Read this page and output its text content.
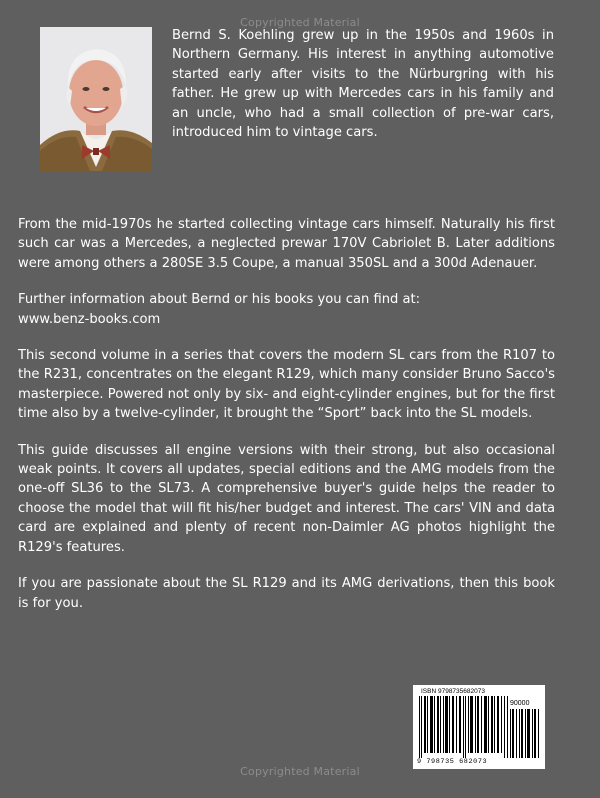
Copyrighted Material

Bernd S. Koehling grew up in the 1950s and 1960s in Northern Germany. His interest in anything automotive started early after visits to the Nürburgring with his father. He grew up with Mercedes cars in his family and an uncle, who had a small collection of pre-war cars, introduced him to vintage cars.

From the mid-1970s he started collecting vintage cars himself. Naturally his first such car was a Mercedes, a neglected prewar 170V Cabriolet B. Later additions were among others a 280SE 3.5 Coupe, a manual 350SL and a 300d Adenauer.

Further information about Bernd or his books you can find at:
www.benz-books.com

This second volume in a series that covers the modern SL cars from the R107 to the R231, concentrates on the elegant R129, which many consider Bruno Sacco's masterpiece. Powered not only by six- and eight-cylinder engines, but for the first time also by a twelve-cylinder, it brought the “Sport” back into the SL models.

This guide discusses all engine versions with their strong, but also occasional weak points. It covers all updates, special editions and the AMG models from the one-off SL36 to the SL73. A comprehensive buyer's guide helps the reader to choose the model that will fit his/her budget and interest. The cars' VIN and data card are explained and plenty of recent non-Daimler AG photos highlight the R129's features.

If you are passionate about the SL R129 and its AMG derivations, then this book is for you.

ISBN 9798735682073
90000
9 798735 682073
Copyrighted Material
